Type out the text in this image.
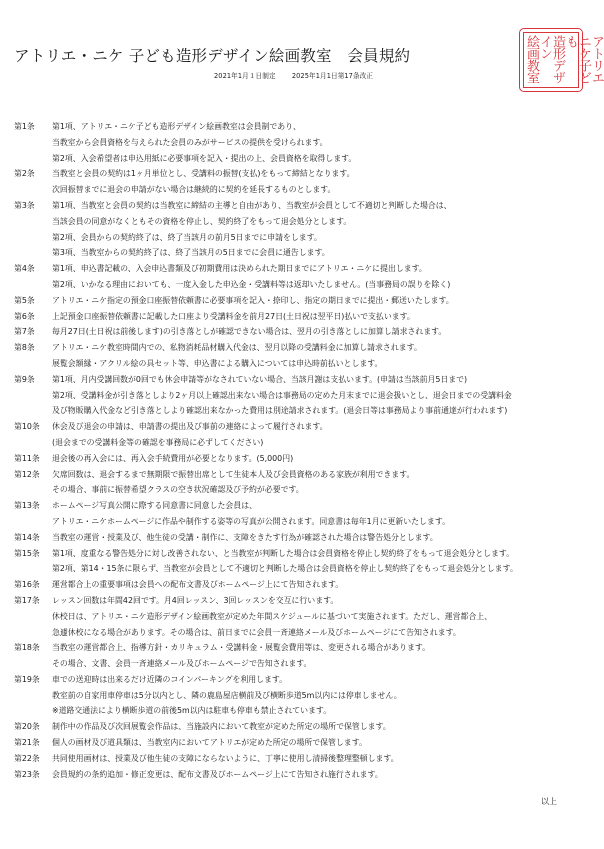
アトリエ・ニケ 子ども造形デザイン絵画教室　会員規約
2021年1月１日制定 2025年1月1日第17条改正	アトリエ
ニケ子ども
造形デザイン
絵画教室
第1条	第1項、アトリエ・ニケ子ども造形デザイン絵画教室は会員制であり、
当教室から会員資格を与えられた会員のみがサービスの提供を受けられます。
第2項、入会希望者は申込用紙に必要事項を記入・提出の上、会員資格を取得します。
第2条	当教室と会員の契約は1ヶ月単位とし、受講料の振替(支払)をもって締結となります。
次回振替までに退会の申請がない場合は継続的に契約を延長するものとします。
第3条	第1項、当教室と会員の契約は当教室に締結の主導と自由があり、当教室が会員として不適切と判断した場合は、
当該会員の同意がなくともその資格を停止し、契約終了をもって退会処分とします。
第2項、会員からの契約終了は、終了当該月の前月5日までに申請をします。
第3項、当教室からの契約終了は、終了当該月の5日までに会員に通告します。
第4条	第1項、申込書記載の、入会申込書類及び初期費用は決められた期日までにアトリエ・ニケに提出します。
第2項、いかなる理由においても、一度入金した申込金・受講料等は返却いたしません。(当事務局の誤りを除く)
第5条	アトリエ・ニケ指定の預金口座振替依頼書に必要事項を記入・捺印し、指定の期日までに提出・郵送いたします。
第6条	上記預金口座振替依頼書に記載した口座より受講料金を前月27日(土日祝は翌平日)払いで支払います。
第7条	毎月27日(土日祝は前後します)の引き落としが確認できない場合は、翌月の引き落としに加算し請求されます。
第8条	アトリエ・ニケ教室時間内での、私物消耗品材購入代金は、翌月以降の受講料金に加算し請求されます。
展覧会額縁・アクリル絵の具セット等、申込書による購入については申込時前払いとします。
第9条	第1項、月内受講回数が0回でも休会申請等がなされていない場合、当該月謝は支払います。(申請は当該前月5日まで)
第2項、受講料金が引き落としより2ヶ月以上確認出来ない場合は事務局の定めた月末までに退会扱いとし、退会日までの受講料金
及び物販購入代金など引き落としより確認出来なかった費用は別途請求されます。(退会日等は事務局より事前通達が行われます)
第10条	休会及び退会の申請は、申請書の提出及び事前の連絡によって履行されます。
(退会までの受講料金等の確認を事務局に必ずしてください)
第11条	退会後の再入会には、再入会手続費用が必要となります。(5,000円)
第12条	欠席回数は、退会するまで無期限で振替出席として生徒本人及び会員資格のある家族が利用できます。
その場合、事前に振替希望クラスの空き状況確認及び予約が必要です。
第13条	ホームページ写真公開に際する同意書に同意した会員は、
アトリエ・ニケホームページに作品や制作する姿等の写真が公開されます。同意書は毎年1月に更新いたします。
第14条	当教室の運営・授業及び、他生徒の受講・制作に、支障をきたす行為が確認された場合は警告処分とします。
第15条	第1項、度重なる警告処分に対し改善されない、と当教室が判断した場合は会員資格を停止し契約終了をもって退会処分とします。
第2項、第14・15条に限らず、当教室が会員として不適切と判断した場合は会員資格を停止し契約終了をもって退会処分とします。
第16条	運営都合上の重要事項は会員への配布文書及びホームページ上にて告知されます。
第17条	レッスン回数は年間42回です。月4回レッスン、3回レッスンを交互に行います。
休校日は、アトリエ・ニケ造形デザイン絵画教室が定めた年間スケジュールに基づいて実施されます。ただし、運営都合上、
急遽休校になる場合があります。その場合は、前日までに会員一斉連絡メール及びホームページにて告知されます。
第18条	当教室の運営都合上、指導方針・カリキュラム・受講料金・展覧会費用等は、変更される場合があります。
その場合、文書、会員一斉連絡メール及びホームページで告知されます。
第19条	車での送迎時は出来るだけ近隣のコインパーキングを利用します。
教室前の自家用車停車は5分以内とし、隣の鹿島屋店横前及び横断歩道5m以内には停車しません。
※道路交通法により横断歩道の前後5m以内は駐車も停車も禁止されています。
第20条	制作中の作品及び次回展覧会作品は、当施設内において教室が定めた所定の場所で保管します。
第21条	個人の画材及び道具類は、当教室内においてアトリエが定めた所定の場所で保管します。
第22条	共同使用画材は、授業及び他生徒の支障にならないように、丁寧に使用し清掃後整理整頓します。
第23条	会員規約の条約追加・修正変更は、配布文書及びホームページ上にて告知され施行されます。
以上
